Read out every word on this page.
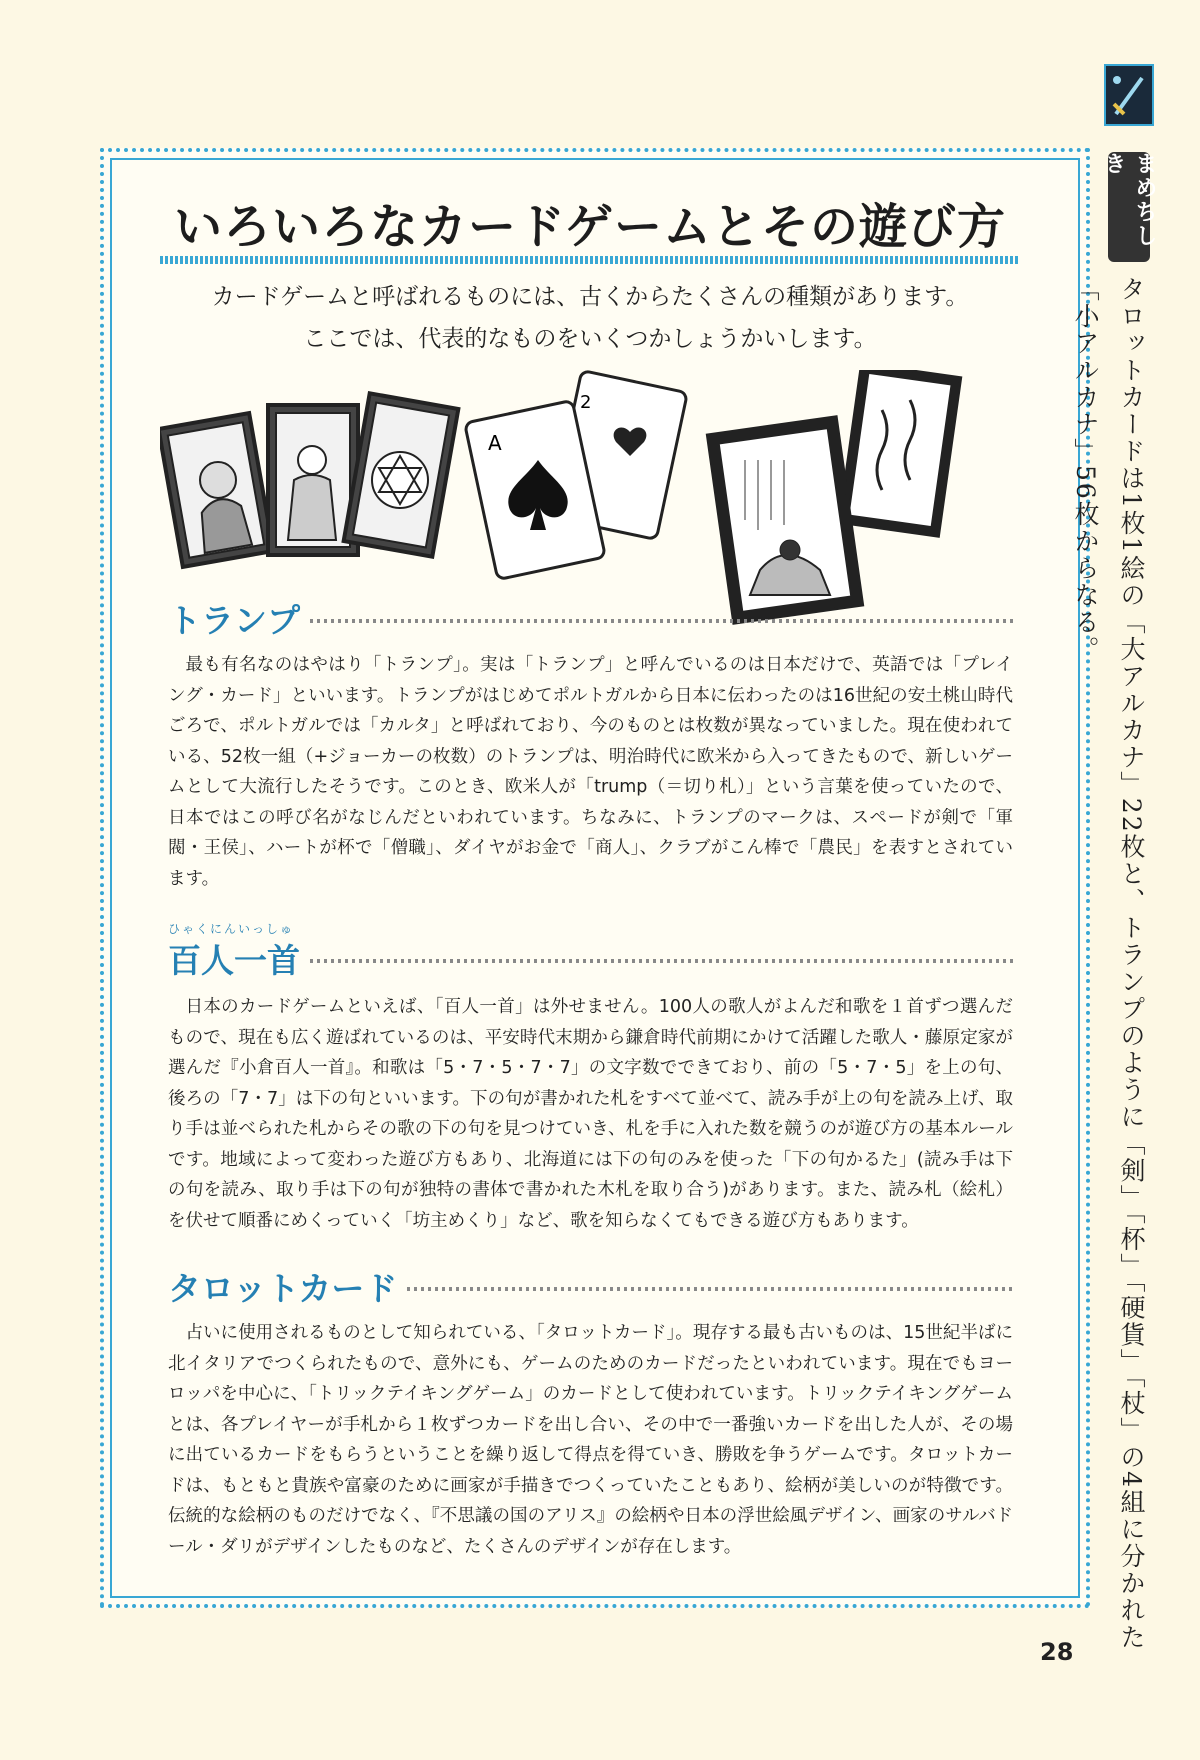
いろいろなカードゲームとその遊び方

カードゲームと呼ばれるものには、古くからたくさんの種類があります。

ここでは、代表的なものをいくつかしょうかいします。

2
A
トランプ

最も有名なのはやはり「トランプ」。実は「トランプ」と呼んでいるのは日本だけで、英語では「プレイング・カード」といいます。トランプがはじめてポルトガルから日本に伝わったのは16世紀の安土桃山時代ごろで、ポルトガルでは「カルタ」と呼ばれており、今のものとは枚数が異なっていました。現在使われている、52枚一組（+ジョーカーの枚数）のトランプは、明治時代に欧米から入ってきたもので、新しいゲームとして大流行したそうです。このとき、欧米人が「trump（＝切り札）」という言葉を使っていたので、日本ではこの呼び名がなじんだといわれています。ちなみに、トランプのマークは、スペードが剣で「軍閥・王侯」、ハートが杯で「僧職」、ダイヤがお金で「商人」、クラブがこん棒で「農民」を表すとされています。

ひゃくにんいっしゅ
百人一首

日本のカードゲームといえば、「百人一首」は外せません。100人の歌人がよんだ和歌を１首ずつ選んだもので、現在も広く遊ばれているのは、平安時代末期から鎌倉時代前期にかけて活躍した歌人・藤原定家が選んだ『小倉百人一首』。和歌は「5・7・5・7・7」の文字数でできており、前の「5・7・5」を上の句、後ろの「7・7」は下の句といいます。下の句が書かれた札をすべて並べて、読み手が上の句を読み上げ、取り手は並べられた札からその歌の下の句を見つけていき、札を手に入れた数を競うのが遊び方の基本ルールです。地域によって変わった遊び方もあり、北海道には下の句のみを使った「下の句かるた」(読み手は下の句を読み、取り手は下の句が独特の書体で書かれた木札を取り合う)があります。また、読み札（絵札）を伏せて順番にめくっていく「坊主めくり」など、歌を知らなくてもできる遊び方もあります。

タロットカード

占いに使用されるものとして知られている、「タロットカード」。現存する最も古いものは、15世紀半ばに北イタリアでつくられたもので、意外にも、ゲームのためのカードだったといわれています。現在でもヨーロッパを中心に、「トリックテイキングゲーム」のカードとして使われています。トリックテイキングゲームとは、各プレイヤーが手札から１枚ずつカードを出し合い、その中で一番強いカードを出した人が、その場に出ているカードをもらうということを繰り返して得点を得ていき、勝敗を争うゲームです。タロットカードは、もともと貴族や富豪のために画家が手描きでつくっていたこともあり、絵柄が美しいのが特徴です。伝統的な絵柄のものだけでなく、『不思議の国のアリス』の絵柄や日本の浮世絵風デザイン、画家のサルバドール・ダリがデザインしたものなど、たくさんのデザインが存在します。

まめちしき
タロットカードは1枚1絵の「大アルカナ」22枚と、トランプのように「剣」「杯」「硬貨」「杖」の4組に分かれた「小アルカナ」56枚からなる。
28
